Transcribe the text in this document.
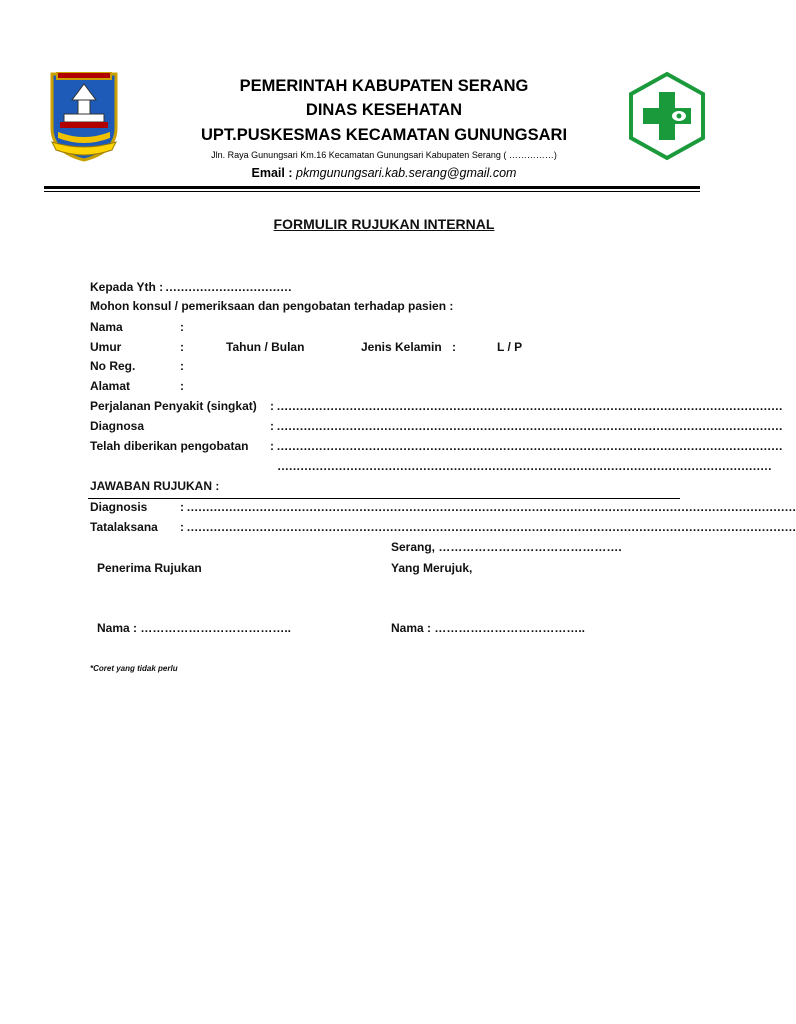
PEMERINTAH KABUPATEN SERANG
DINAS KESEHATAN
UPT.PUSKESMAS KECAMATAN GUNUNGSARI
Jln. Raya Gunungsari Km.16 Kecamatan Gunungsari Kabupaten Serang ( ……………)
Email : pkmgunungsari.kab.serang@gmail.com
FORMULIR RUJUKAN INTERNAL
Kepada Yth : ……………………………
Mohon konsul / pemeriksaan dan pengobatan terhadap pasien :
Nama	:
Umur	:	Tahun / Bulan	Jenis Kelamin :	L / P
No Reg.	:
Alamat	:
Perjalanan Penyakit (singkat) : ……………………………………………………………………………………………………………………
Diagnosa	: ……………………………………………………………………………………………………………………
Telah diberikan pengobatan : ……………………………………………………………………………………………………………………
…………………………………………………………………………………………………………………
JAWABAN RUJUKAN :
Diagnosis	: ……………………………………………………………………………………………………………………………………………
Tatalaksana : ……………………………………………………………………………………………………………………………………………
Serang, ……………………………………….
Penerima Rujukan	Yang Merujuk,
Nama : ………………………………..	Nama : ………………………………..
*Coret yang tidak perlu
